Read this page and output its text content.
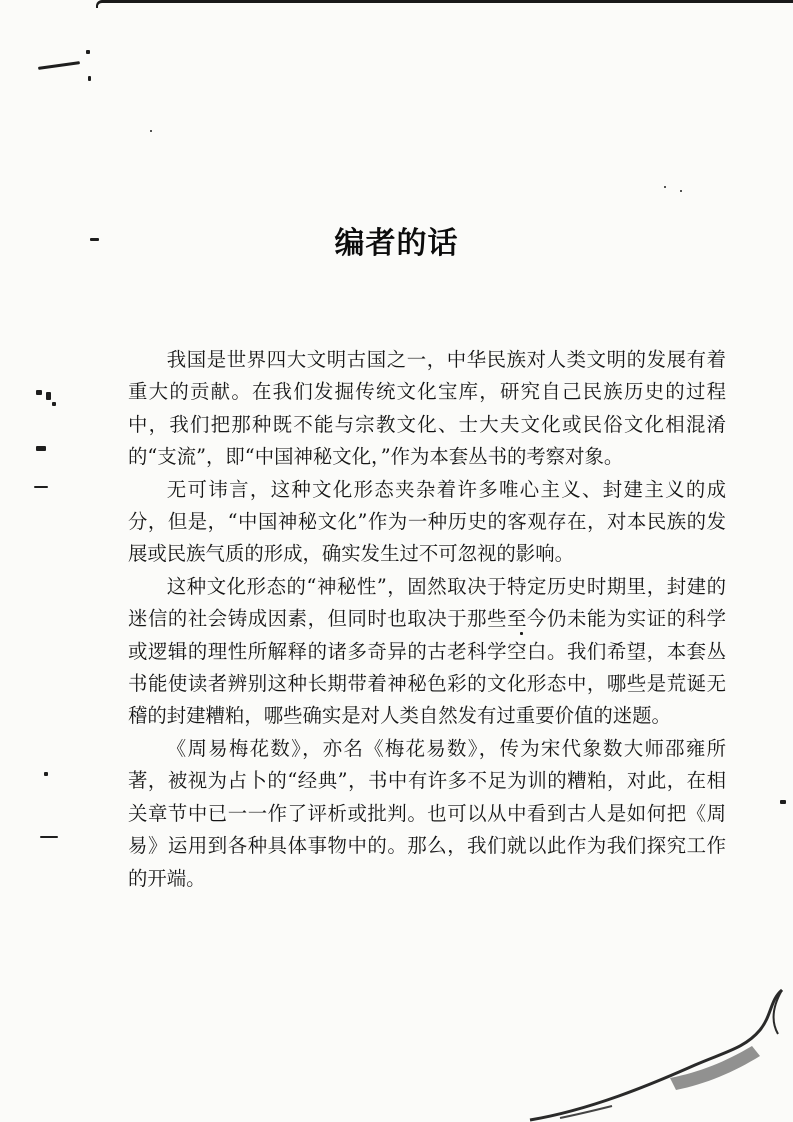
编者的话

我国是世界四大文明古国之一，中华民族对人类文明的发展有着重大的贡献。在我们发掘传统文化宝库，研究自己民族历史的过程中，我们把那种既不能与宗教文化、士大夫文化或民俗文化相混淆的“支流”，即“中国神秘文化，”作为本套丛书的考察对象。

无可讳言，这种文化形态夹杂着许多唯心主义、封建主义的成分，但是，“中国神秘文化”作为一种历史的客观存在，对本民族的发展或民族气质的形成，确实发生过不可忽视的影响。

这种文化形态的“神秘性”，固然取决于特定历史时期里，封建的迷信的社会铸成因素，但同时也取决于那些至今仍未能为实证的科学或逻辑的理性所解释的诸多奇异的古老科学空白。我们希望，本套丛书能使读者辨别这种长期带着神秘色彩的文化形态中，哪些是荒诞无稽的封建糟粕，哪些确实是对人类自然发有过重要价值的迷题。

《周易梅花数》，亦名《梅花易数》，传为宋代象数大师邵雍所著，被视为占卜的“经典”，书中有许多不足为训的糟粕，对此，在相关章节中已一一作了评析或批判。也可以从中看到古人是如何把《周易》运用到各种具体事物中的。那么，我们就以此作为我们探究工作的开端。
